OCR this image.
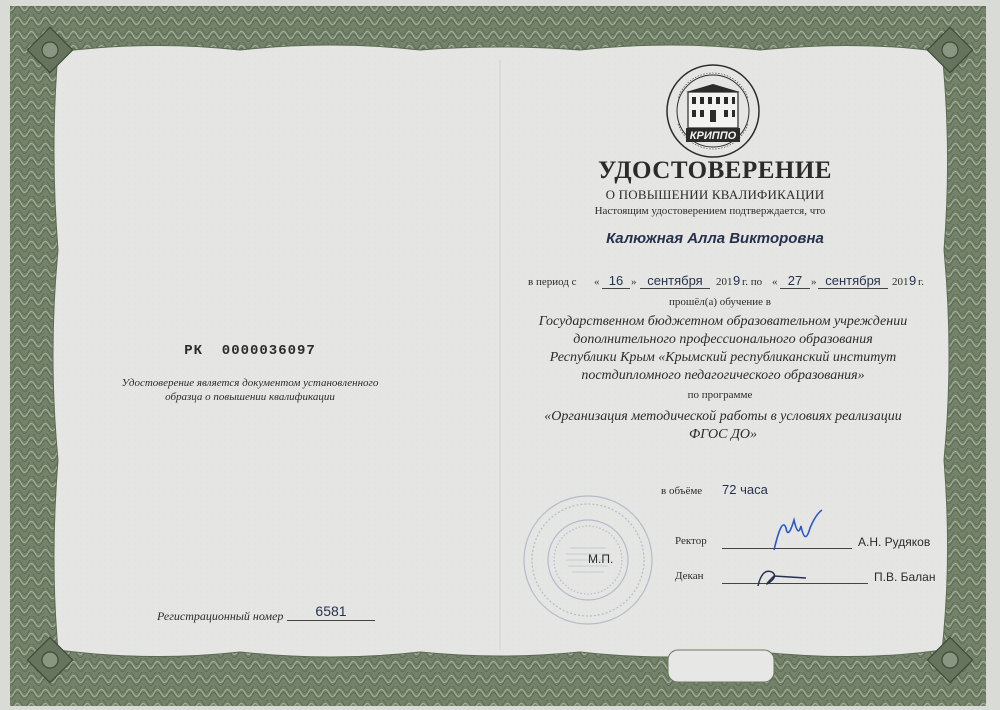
РК  0000036097
Удостоверение является документом установленного
образца о повышении квалификации
Регистрационный номер	6581
КРИППО
УДОСТОВЕРЕНИЕ
О ПОВЫШЕНИИ КВАЛИФИКАЦИИ
Настоящим удостоверением подтверждается, что
Калюжная Алла Викторовна
в период с « 16 » сентября	201 9 г. по « 27 » сентября	201 9 г.
прошёл(а) обучение в
Государственном бюджетном образовательном учреждении
дополнительного профессионального образования
Республики Крым «Крымский республиканский институт
постдипломного педагогического образования»
по программе
«Организация методической работы в условиях реализации
ФГОС ДО»
в объёме 72 часа
М.П.
Ректор	А.Н. Рудяков
Декан	П.В. Балан
